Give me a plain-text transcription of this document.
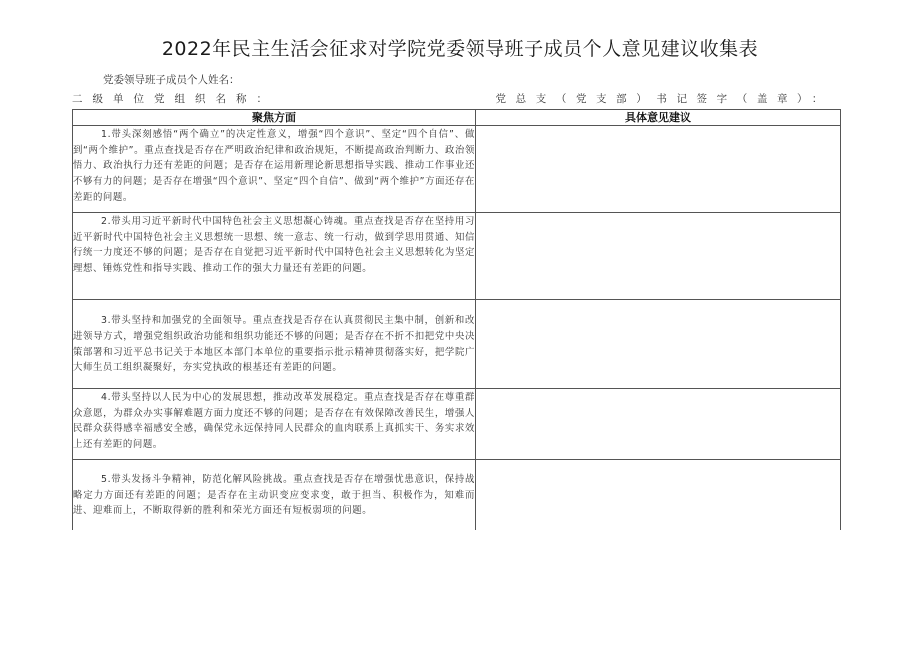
2022年民主生活会征求对学院党委领导班子成员个人意见建议收集表
党委领导班子成员个人姓名：
二级单位党组织名称：	党总支（党支部）书记签字（盖章）：
聚焦方面	具体意见建议

1.带头深刻感悟“两个确立”的决定性意义，增强“四个意识”、坚定“四个自信”、做到“两个维护”。重点查找是否存在严明政治纪律和政治规矩，不断提高政治判断力、政治领悟力、政治执行力还有差距的问题；是否存在运用新理论新思想指导实践、推动工作事业还不够有力的问题；是否存在增强“四个意识”、坚定“四个自信”、做到“两个维护”方面还存在差距的问题。	

2.带头用习近平新时代中国特色社会主义思想凝心铸魂。重点查找是否存在坚持用习近平新时代中国特色社会主义思想统一思想、统一意志、统一行动，做到学思用贯通、知信行统一力度还不够的问题；是否存在自觉把习近平新时代中国特色社会主义思想转化为坚定理想、锤炼党性和指导实践、推动工作的强大力量还有差距的问题。	

3.带头坚持和加强党的全面领导。重点查找是否存在认真贯彻民主集中制，创新和改进领导方式，增强党组织政治功能和组织功能还不够的问题；是否存在不折不扣把党中央决策部署和习近平总书记关于本地区本部门本单位的重要指示批示精神贯彻落实好，把学院广大师生员工组织凝聚好，夯实党执政的根基还有差距的问题。	

4.带头坚持以人民为中心的发展思想，推动改革发展稳定。重点查找是否存在尊重群众意愿，为群众办实事解难题方面力度还不够的问题；是否存在有效保障改善民生，增强人民群众获得感幸福感安全感，确保党永远保持同人民群众的血肉联系上真抓实干、务实求效上还有差距的问题。	

5.带头发扬斗争精神，防范化解风险挑战。重点查找是否存在增强忧患意识，保持战略定力方面还有差距的问题；是否存在主动识变应变求变，敢于担当、积极作为，知难而进、迎难而上，不断取得新的胜利和荣光方面还有短板弱项的问题。	
